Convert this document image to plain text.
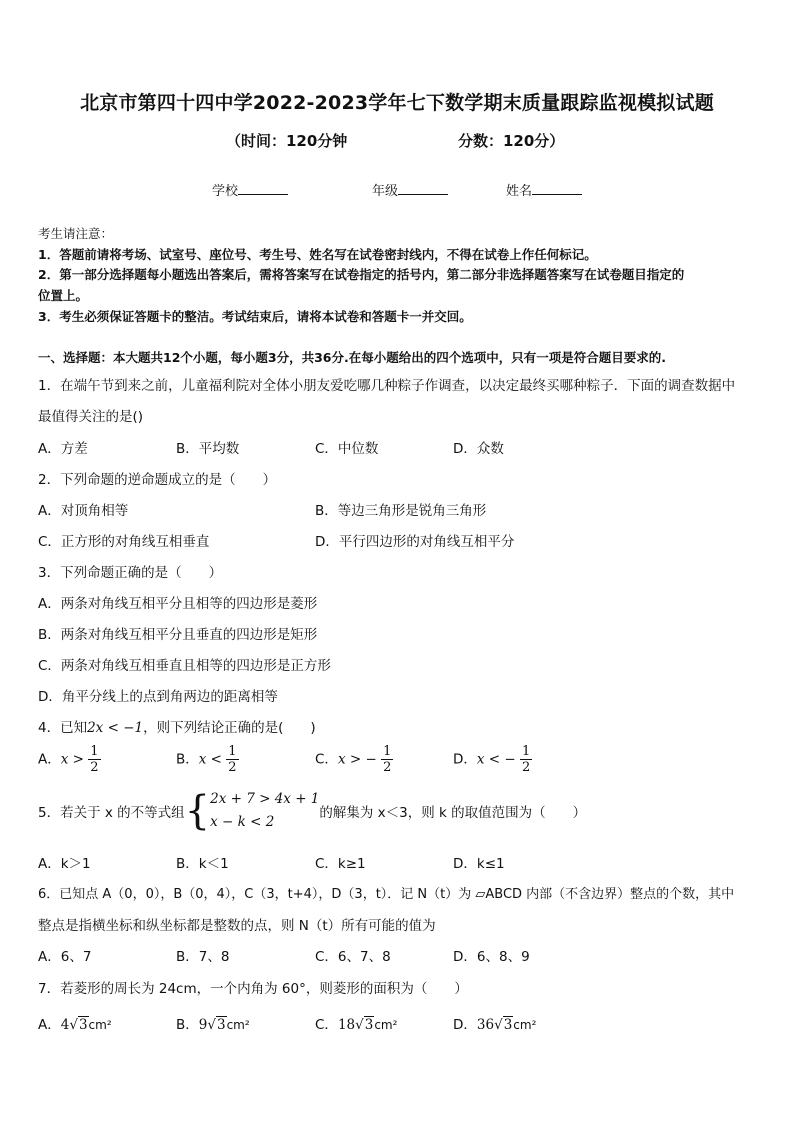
北京市第四十四中学2022-2023学年七下数学期末质量跟踪监视模拟试题
（时间：120分钟	分数：120分）
学校	年级	姓名
考生请注意：
1．答题前请将考场、试室号、座位号、考生号、姓名写在试卷密封线内，不得在试卷上作任何标记。
2．第一部分选择题每小题选出答案后，需将答案写在试卷指定的括号内，第二部分非选择题答案写在试卷题目指定的
位置上。
3．考生必须保证答题卡的整洁。考试结束后，请将本试卷和答题卡一并交回。
一、选择题：本大题共12个小题，每小题3分，共36分.在每小题给出的四个选项中，只有一项是符合题目要求的.
1．在端午节到来之前，儿童福利院对全体小朋友爱吃哪几种粽子作调查，以决定最终买哪种粽子．下面的调查数据中
最值得关注的是()
A．方差	B．平均数	C．中位数	D．众数
2．下列命题的逆命题成立的是（　　）
A．对顶角相等	B．等边三角形是锐角三角形
C．正方形的对角线互相垂直	D．平行四边形的对角线互相平分
3．下列命题正确的是（　　）
A．两条对角线互相平分且相等的四边形是菱形
B．两条对角线互相平分且垂直的四边形是矩形
C．两条对角线互相垂直且相等的四边形是正方形
D．角平分线上的点到角两边的距离相等
4．已知2x < −1，则下列结论正确的是(　　)
A．$x > \frac{1}{2}$	B．$x < \frac{1}{2}$	C．x > − $\frac{1}{2}$	D．x < − $\frac{1}{2}$
5．若关于 x 的不等式组 { 2x + 7 > 4x + 1
x − k < 2
的解集为 x＜3，则 k 的取值范围为（　　）
A．k＞1	B．k＜1	C．k≥1	D．k≤1
6．已知点 A（0，0），B（0，4），C（3，t+4），D（3，t）．记 N（t）为 ▱ABCD 内部（不含边界）整点的个数，其中
整点是指横坐标和纵坐标都是整数的点，则 N（t）所有可能的值为
A．6、7	B．7、8	C．6、7、8	D．6、8、9
7．若菱形的周长为 24cm，一个内角为 60°，则菱形的面积为（　　）
A．4√3cm²	B．9√3cm²	C．18√3cm²	D．36√3cm²
